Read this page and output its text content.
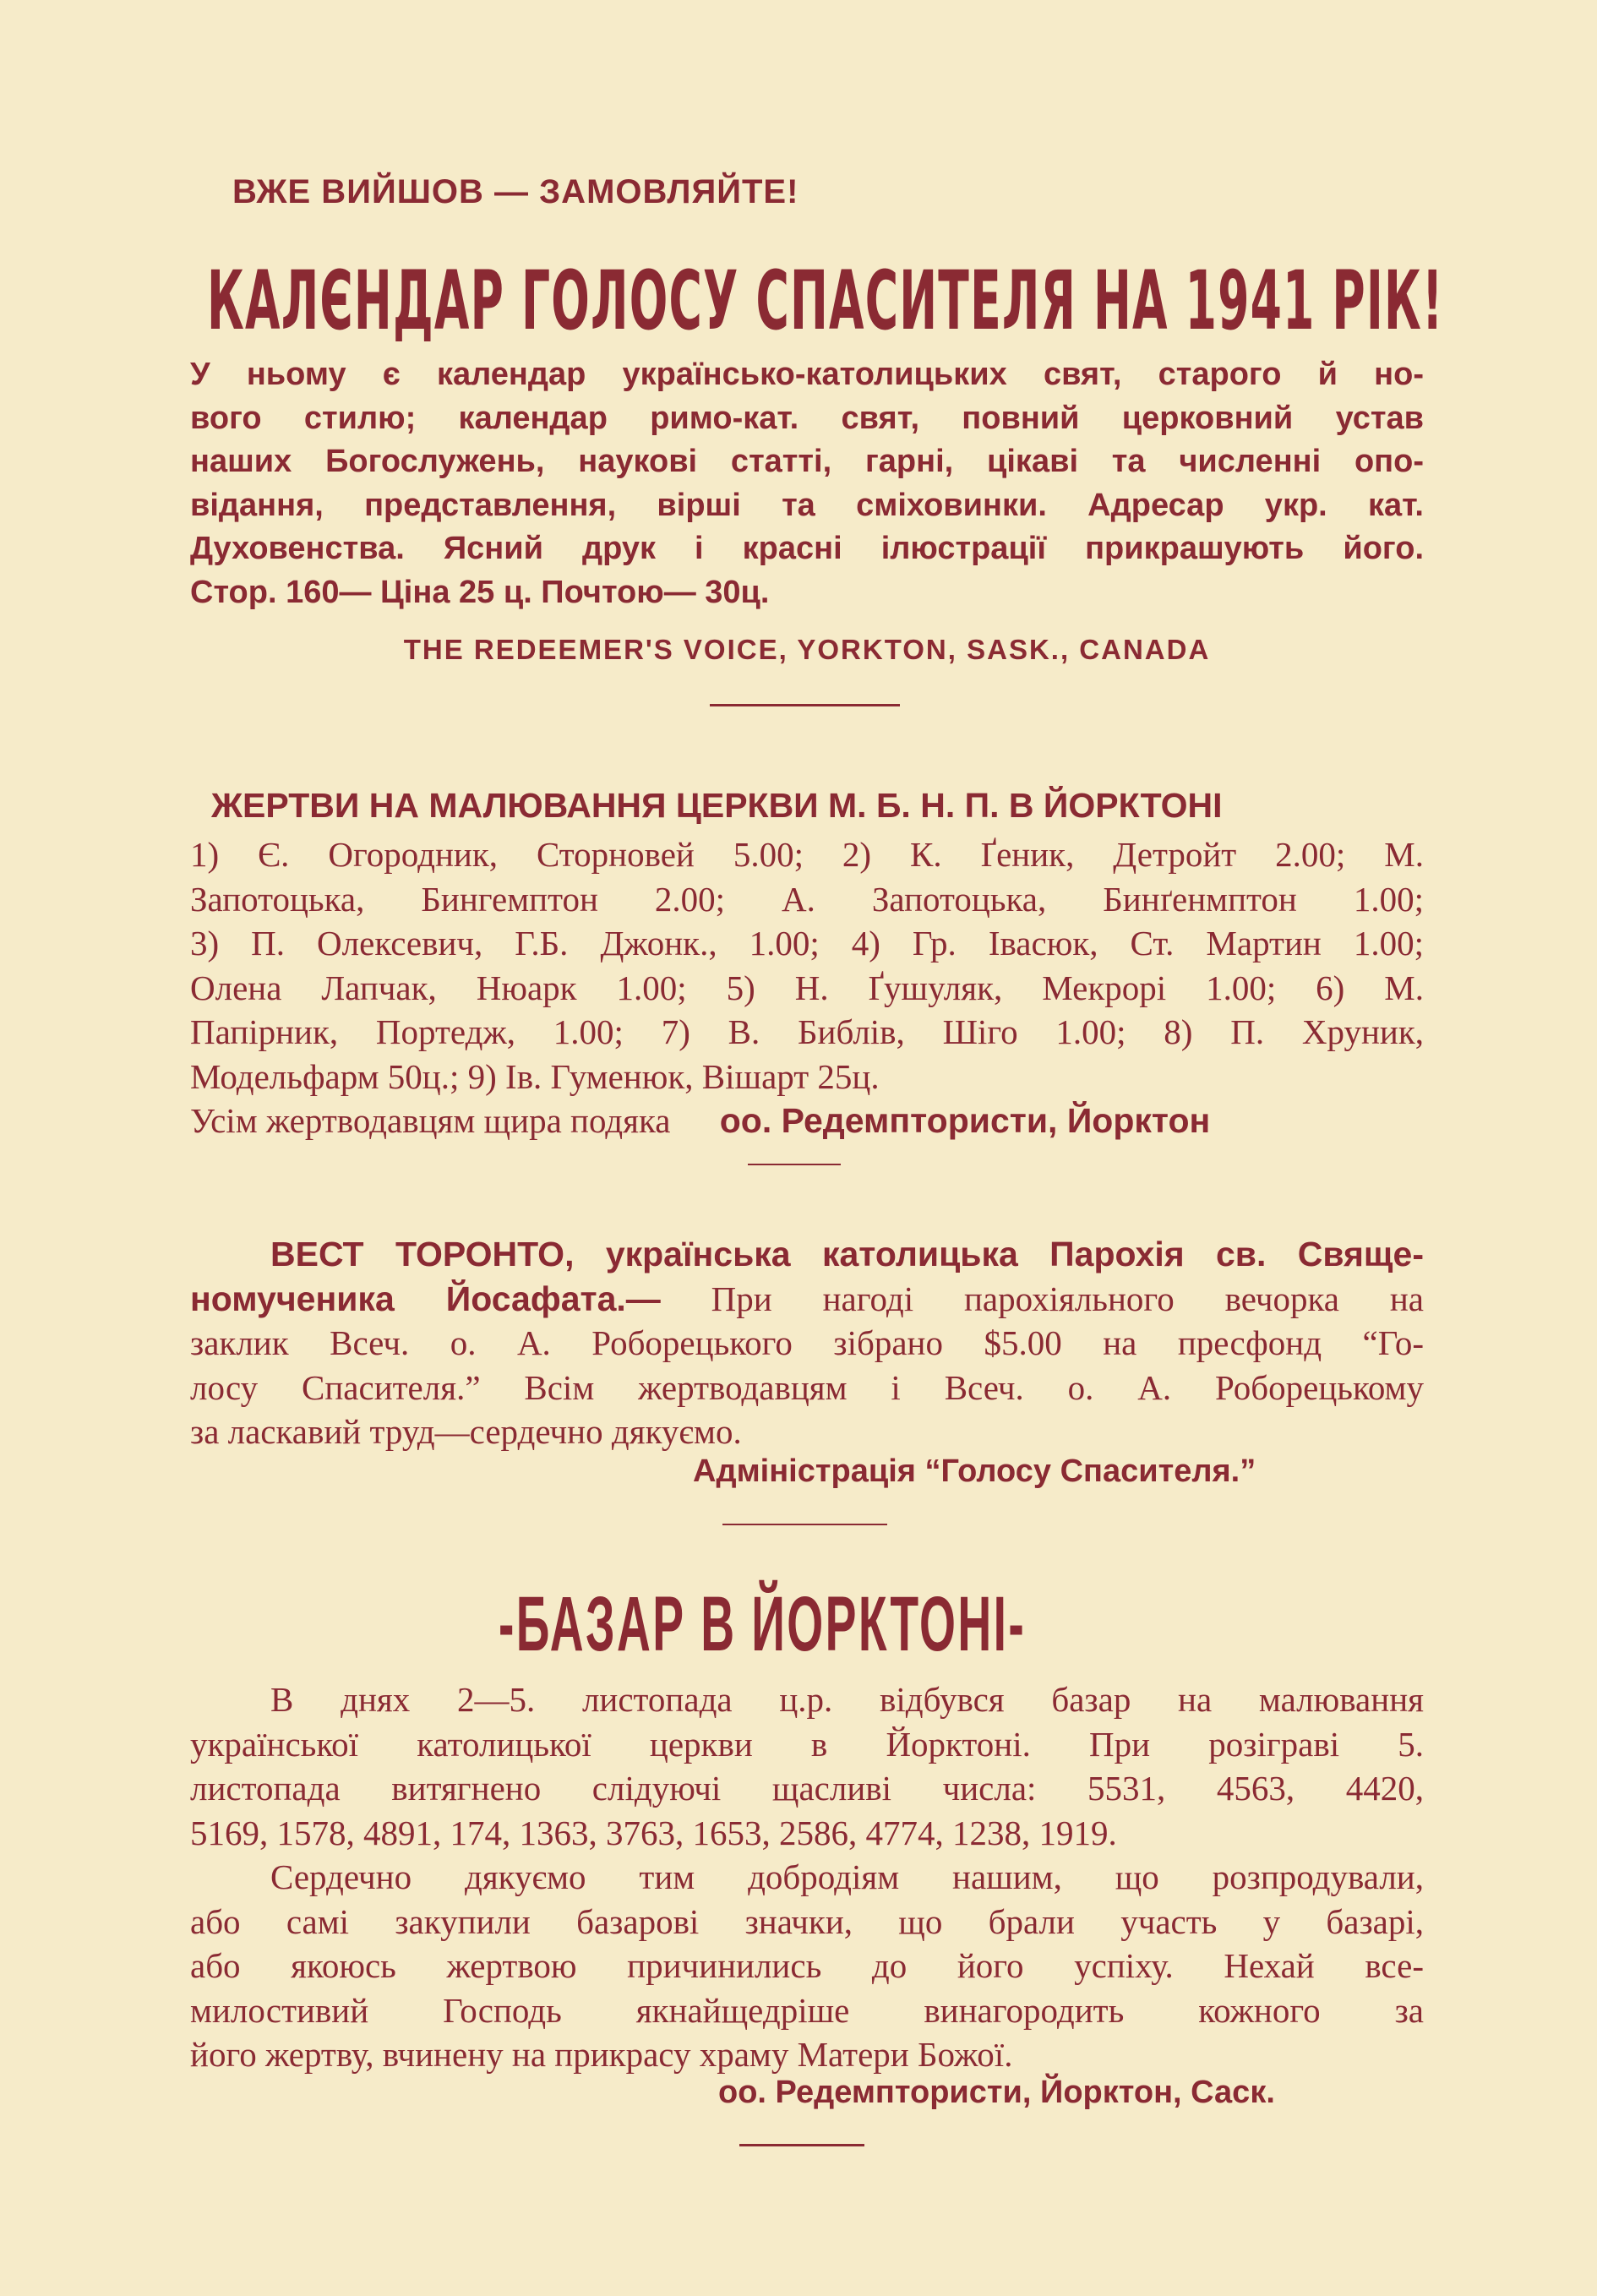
ВЖЕ ВИЙШОВ — ЗАМОВЛЯЙТЕ!
КАЛЄНДАР ГОЛОСУ СПАСИТЕЛЯ НА 1941 РІК!
У ньому є календар українсько-католицьких свят, старого й но-
вого стилю; календар римо-кат. свят, повний церковний устав
наших Богослужень, наукові статті, гарні, цікаві та численні опо-
відання, представлення, вірші та сміховинки. Адресар укр. кат.
Духовенства. Ясний друк і красні ілюстрації прикрашують його.
Стор. 160— Ціна 25 ц. Почтою— 30ц.
THE REDEEMER'S VOICE, YORKTON, SASK., CANADA
ЖЕРТВИ НА МАЛЮВАННЯ ЦЕРКВИ М. Б. Н. П. В ЙОРКТОНІ
1) Є. Огородник, Сторновей 5.00; 2) К. Ґеник, Детройт 2.00; М.
Запотоцька, Бингемптон 2.00; А. Запотоцька, Бинґенмптон 1.00;
3) П. Олексевич, Г.Б. Джонк., 1.00; 4) Гр. Івасюк, Ст. Мартин 1.00;
Олена Лапчак, Нюарк 1.00; 5) Н. Ґушуляк, Мекрорі 1.00; 6) М.
Папірник, Портедж, 1.00; 7) В. Библів, Шіго 1.00; 8) П. Хруник,
Модельфарм 50ц.; 9) Ів. Гуменюк, Вішарт 25ц.
Усім жертводавцям щира подяка оо. Редемптористи, Йорктон
ВЕСТ ТОРОНТО, українська католицька Парохія св. Свяще-
номученика Йосафата.— При нагоді парохіяльного вечорка на
заклик Всеч. о. А. Роборецького зібрано $5.00 на пресфонд “Го-
лосу Спасителя.” Всім жертводавцям і Всеч. о. А. Роборецькому
за ласкавий труд—сердечно дякуємо.
Адміністрація “Голосу Спасителя.”
-БАЗАР В ЙОРКТОНІ-
В днях 2—5. листопада ц.р. відбувся базар на малювання
української католицької церкви в Йорктоні. При розіграві 5.
листопада витягнено слідуючі щасливі числа: 5531, 4563, 4420,
5169, 1578, 4891, 174, 1363, 3763, 1653, 2586, 4774, 1238, 1919.
Сердечно дякуємо тим добродіям нашим, що розпродували,
або самі закупили базарові значки, що брали участь у базарі,
або якоюсь жертвою причинились до його успіху. Нехай все-
милостивий Господь якнайщедріше винагородить кожного за
його жертву, вчинену на прикрасу храму Матери Божої.
оо. Редемптористи, Йорктон, Саск.
